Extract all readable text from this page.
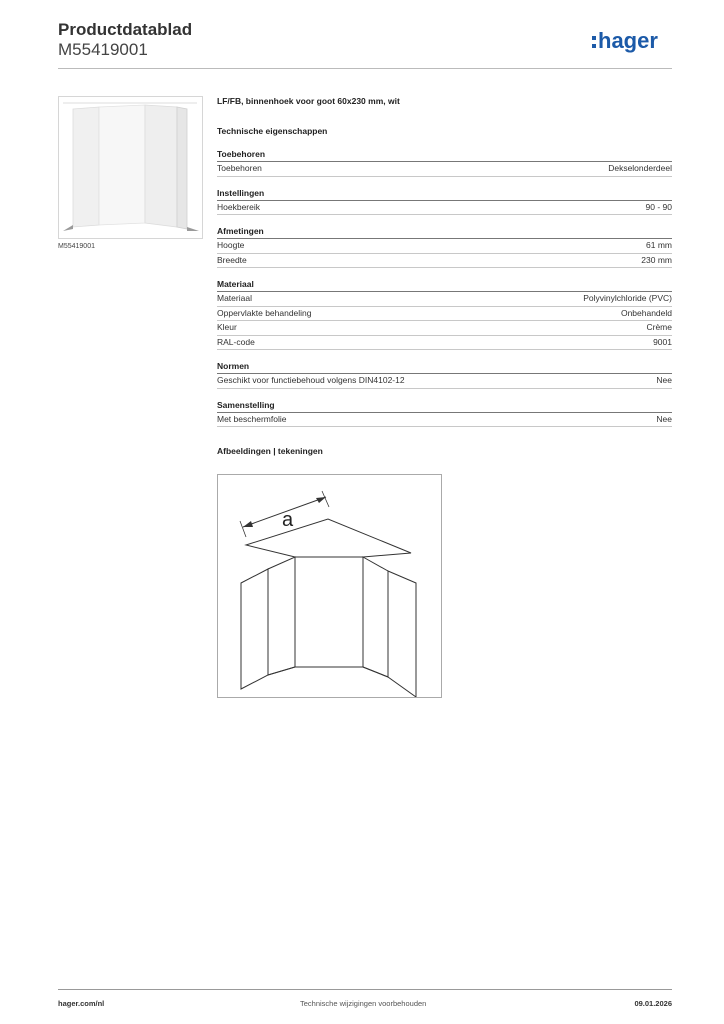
Productdatablad
M55419001	hager
M55419001
LF/FB, binnenhoek voor goot 60x230 mm, wit
Technische eigenschappen
Toebehoren
Toebehoren	Dekselonderdeel
Instellingen
Hoekbereik	90 - 90
Afmetingen
Hoogte	61 mm
Breedte	230 mm
Materiaal
Materiaal	Polyvinylchloride (PVC)
Oppervlakte behandeling	Onbehandeld
Kleur	Crème
RAL-code	9001
Normen
Geschikt voor functiebehoud volgens DIN4102-12	Nee
Samenstelling
Met beschermfolie	Nee
Afbeeldingen | tekeningen
a
hager.com/nl	Technische wijzigingen voorbehouden	09.01.2026
